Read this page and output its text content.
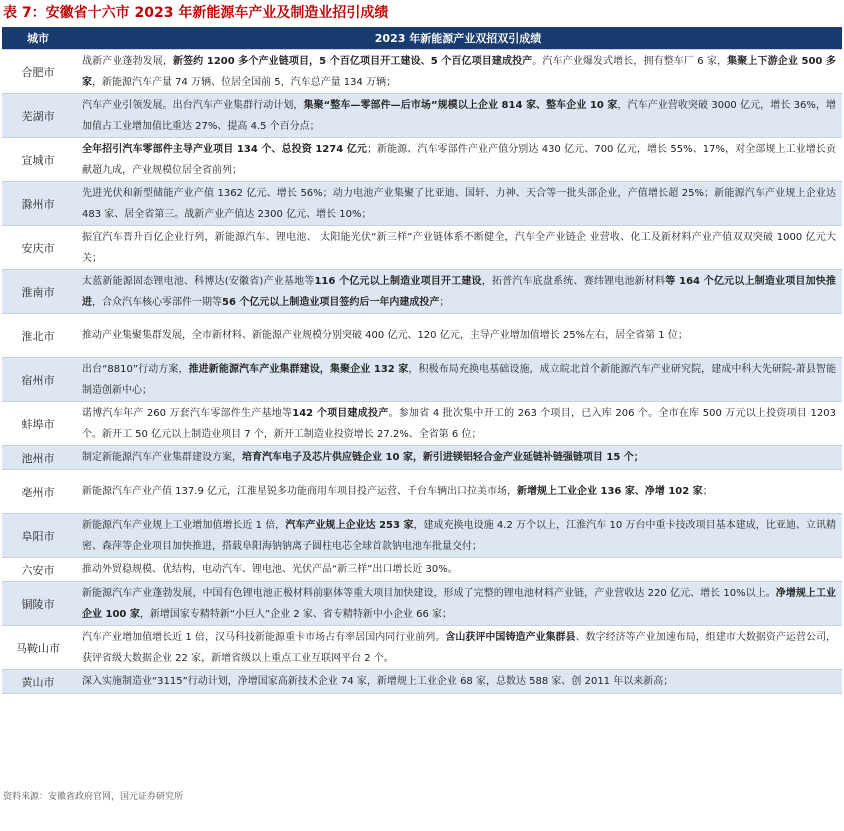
表 7：安徽省十六市 2023 年新能源车产业及制造业招引成绩
城市	2023 年新能源产业双招双引成绩
合肥市	战新产业蓬勃发展，新签约 1200 多个产业链项目，5 个百亿项目开工建设、5 个百亿项目建成投产。汽车产业爆发式增长，拥有整车厂 6 家，集聚上下游企业 500 多家，新能源汽车产量 74 万辆、位居全国前 5，汽车总产量 134 万辆；
芜湖市	汽车产业引领发展。出台汽车产业集群行动计划，集聚“整车—零部件—后市场”规模以上企业 814 家、整车企业 10 家，汽车产业营收突破 3000 亿元，增长 36%，增加值占工业增加值比重达 27%、提高 4.5 个百分点；
宣城市	全年招引汽车零部件主导产业项目 134 个、总投资 1274 亿元；新能源、汽车零部件产业产值分别达 430 亿元、700 亿元，增长 55%、17%，对全部规上工业增长贡献超九成，产业规模位居全省前列；
滁州市	先进光伏和新型储能产业产值 1362 亿元、增长 56%；动力电池产业集聚了比亚迪、国轩、力神、天合等一批头部企业，产值增长超 25%；新能源汽车产业规上企业达 483 家、居全省第三。战新产业产值达 2300 亿元、增长 10%；
安庆市	振宜汽车晋升百亿企业行列，新能源汽车、锂电池、 太阳能光伏“新三样”产业链体系不断健全，汽车全产业链企 业营收、化工及新材料产业产值双双突破 1000 亿元大关；
淮南市	太蓝新能源固态锂电池、科博达(安徽省)产业基地等116 个亿元以上制造业项目开工建设，拓普汽车底盘系统、赛纬锂电池新材料等 164 个亿元以上制造业项目加快推进，合众汽车核心零部件一期等56 个亿元以上制造业项目签约后一年内建成投产；
淮北市	推动产业集聚集群发展，全市新材料、新能源产业规模分别突破 400 亿元、120 亿元，主导产业增加值增长 25%左右，居全省第 1 位；
宿州市	出台“8810”行动方案，推进新能源汽车产业集群建设，集聚企业 132 家，积极布局充换电基础设施，成立皖北首个新能源汽车产业研究院，建成中科大先研院-萧县智能制造创新中心；
蚌埠市	诺博汽车年产 260 万套汽车零部件生产基地等142 个项目建成投产。参加省 4 批次集中开工的 263 个项目，已入库 206 个。全市在库 500 万元以上投资项目 1203 个。新开工 50 亿元以上制造业项目 7 个，新开工制造业投资增长 27.2%、全省第 6 位；
池州市	制定新能源汽车产业集群建设方案，培育汽车电子及芯片供应链企业 10 家，新引进镁铝轻合金产业延链补链强链项目 15 个；
亳州市	新能源汽车产业产值 137.9 亿元，江淮星锐多功能商用车项目投产运营、千台车辆出口拉美市场，新增规上工业企业 136 家、净增 102 家；
阜阳市	新能源汽车产业规上工业增加值增长近 1 倍，汽车产业规上企业达 253 家，建成充换电设施 4.2 万个以上，江淮汽车 10 万台中重卡技改项目基本建成，比亚迪、立讯精密、森萍等企业项目加快推进，搭载阜阳海钠钠离子圆柱电芯全球首款钠电池车批量交付；
六安市	推动外贸稳规模、优结构，电动汽车、锂电池、光伏产品“新三样”出口增长近 30%。
铜陵市	新能源汽车产业蓬勃发展，中国有色锂电池正极材料前驱体等重大项目加快建设，形成了完整的锂电池材料产业链，产业营收达 220 亿元、增长 10%以上。净增规上工业企业 100 家，新增国家专精特新“小巨人”企业 2 家、省专精特新中小企业 66 家；
马鞍山市	汽车产业增加值增长近 1 倍，汉马科技新能源重卡市场占有率居国内同行业前列。含山获评中国铸造产业集群县、数字经济等产业加速布局，组建市大数据资产运营公司，获评省级大数据企业 22 家，新增省级以上重点工业互联网平台 2 个。
黄山市	深入实施制造业“3115”行动计划，净增国家高新技术企业 74 家，新增规上工业企业 68 家，总数达 588 家、创 2011 年以来新高；
资料来源：安徽省政府官网，国元证券研究所
